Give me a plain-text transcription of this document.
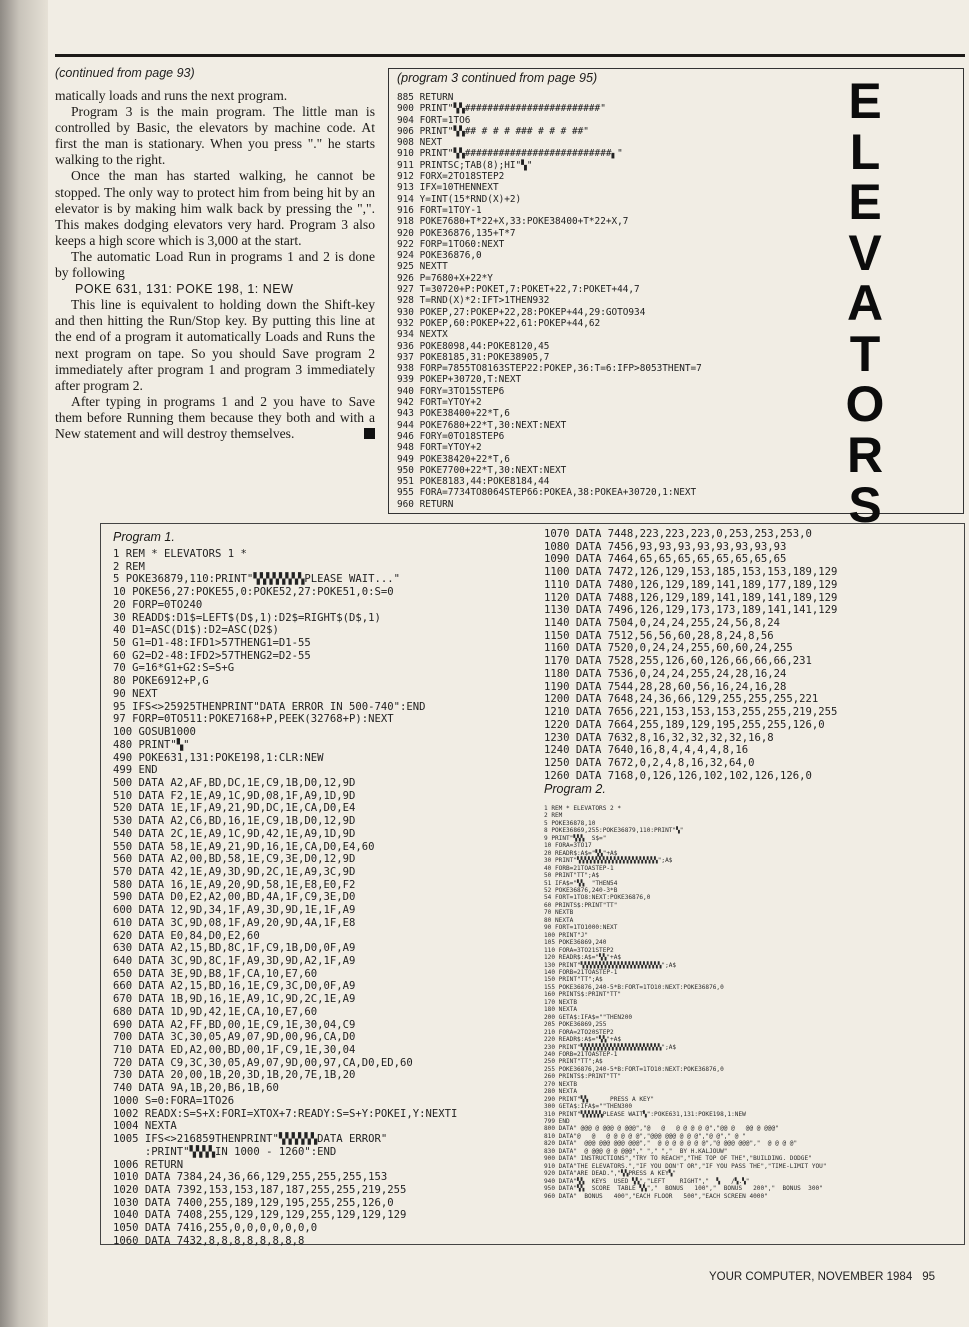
(continued from page 93)

matically loads and runs the next program.

Program 3 is the main program. The little man is controlled by Basic, the elevators by machine code. At first the man is stationary. When you press "." he starts walking to the right.

Once the man has started walking, he cannot be stopped. The only way to protect him from being hit by an elevator is by making him walk back by pressing the ",". This makes dodging elevators very hard. Program 3 also keeps a high score which is 3,000 at the start.

The automatic Load Run in programs 1 and 2 is done by following

POKE 631, 131: POKE 198, 1: NEW

This line is equivalent to holding down the Shift-key and then hitting the Run/Stop key. By putting this line at the end of a program it automatically Loads and Runs the next program on tape. So you should Save program 2 immediately after program 1 and program 3 immediately after program 2.

After typing in programs 1 and 2 you have to Save them before Running them because they both and with a New statement and will destroy themselves.

(program 3 continued from page 95)
885 RETURN
900 PRINT"▚▚########################"
904 FORT=1TO6
906 PRINT"▚▚## # # # ### # # # ##"
908 NEXT
910 PRINT"▚▚##########################▖"
911 PRINTSC;TAB(8);HI"▚"
912 FORX=2TO18STEP2
913 IFX=10THENNEXT
914 Y=INT(15*RND(X)+2)
916 FORT=1TOY-1
918 POKE7680+T*22+X,33:POKE38400+T*22+X,7
920 POKE36876,135+T*7
922 FORP=1TO60:NEXT
924 POKE36876,0
925 NEXTT
926 P=7680+X+22*Y
927 T=30720+P:POKET,7:POKET+22,7:POKET+44,7
928 T=RND(X)*2:IFT>1THEN932
930 POKEP,27:POKEP+22,28:POKEP+44,29:GOTO934
932 POKEP,60:POKEP+22,61:POKEP+44,62
934 NEXTX
936 POKE8098,44:POKE8120,45
937 POKE8185,31:POKE38905,7
938 FORP=7855TO8163STEP22:POKEP,36:T=6:IFP>8053THENT=7
939 POKEP+30720,T:NEXT
940 FORY=3TO15STEP6
942 FORT=YTOY+2
943 POKE38400+22*T,6
944 POKE7680+22*T,30:NEXT:NEXT
946 FORY=0TO18STEP6
948 FORT=YTOY+2
949 POKE38420+22*T,6
950 POKE7700+22*T,30:NEXT:NEXT
951 POKE8183,44:POKE8184,44
955 FORA=7734TO8064STEP66:POKEA,38:POKEA+30720,1:NEXT
960 RETURN
E
L
E
V
A
T
O
R
S
Program 1.
1 REM * ELEVATORS 1 *
2 REM
5 POKE36879,110:PRINT"▚▚▚▚▚▚▚▚PLEASE WAIT..."
10 POKE56,27:POKE55,0:POKE52,27:POKE51,0:S=0
20 FORP=0TO240
30 READD$:D1$=LEFT$(D$,1):D2$=RIGHT$(D$,1)
40 D1=ASC(D1$):D2=ASC(D2$)
50 G1=D1-48:IFD1>57THENG1=D1-55
60 G2=D2-48:IFD2>57THENG2=D2-55
70 G=16*G1+G2:S=S+G
80 POKE6912+P,G
90 NEXT
95 IFS<>25925THENPRINT"DATA ERROR IN 500-740":END
97 FORP=0TO511:POKE7168+P,PEEK(32768+P):NEXT
100 GOSUB1000
480 PRINT"▚"
490 POKE631,131:POKE198,1:CLR:NEW
499 END
500 DATA A2,AF,BD,DC,1E,C9,1B,D0,12,9D
510 DATA F2,1E,A9,1C,9D,08,1F,A9,1D,9D
520 DATA 1E,1F,A9,21,9D,DC,1E,CA,D0,E4
530 DATA A2,C6,BD,16,1E,C9,1B,D0,12,9D
540 DATA 2C,1E,A9,1C,9D,42,1E,A9,1D,9D
550 DATA 58,1E,A9,21,9D,16,1E,CA,D0,E4,60
560 DATA A2,00,BD,58,1E,C9,3E,D0,12,9D
570 DATA 42,1E,A9,3D,9D,2C,1E,A9,3C,9D
580 DATA 16,1E,A9,20,9D,58,1E,E8,E0,F2
590 DATA D0,E2,A2,00,BD,4A,1F,C9,3E,D0
600 DATA 12,9D,34,1F,A9,3D,9D,1E,1F,A9
610 DATA 3C,9D,08,1F,A9,20,9D,4A,1F,E8
620 DATA E0,84,D0,E2,60
630 DATA A2,15,BD,8C,1F,C9,1B,D0,0F,A9
640 DATA 3C,9D,8C,1F,A9,3D,9D,A2,1F,A9
650 DATA 3E,9D,B8,1F,CA,10,E7,60
660 DATA A2,15,BD,16,1E,C9,3C,D0,0F,A9
670 DATA 1B,9D,16,1E,A9,1C,9D,2C,1E,A9
680 DATA 1D,9D,42,1E,CA,10,E7,60
690 DATA A2,FF,BD,00,1E,C9,1E,30,04,C9
700 DATA 3C,30,05,A9,07,9D,00,96,CA,D0
710 DATA ED,A2,00,BD,00,1F,C9,1E,30,04
720 DATA C9,3C,30,05,A9,07,9D,00,97,CA,D0,ED,60
730 DATA 20,00,1B,20,3D,1B,20,7E,1B,20
740 DATA 9A,1B,20,B6,1B,60
1000 S=0:FORA=1TO26
1002 READX:S=S+X:FORI=XTOX+7:READY:S=S+Y:POKEI,Y:NEXTI
1004 NEXTA
1005 IFS<>216859THENPRINT"▚▚▚▚▚▚DATA ERROR"
:PRINT"▚▚▚▚IN 1000 - 1260":END
1006 RETURN
1010 DATA 7384,24,36,66,129,255,255,255,153
1020 DATA 7392,153,153,187,187,255,255,219,255
1030 DATA 7400,255,189,129,195,255,255,126,0
1040 DATA 7408,255,129,129,129,255,129,129,129
1050 DATA 7416,255,0,0,0,0,0,0,0
1060 DATA 7432,8,8,8,8,8,8,8,8
1070 DATA 7448,223,223,223,0,253,253,253,0
1080 DATA 7456,93,93,93,93,93,93,93,93
1090 DATA 7464,65,65,65,65,65,65,65,65
1100 DATA 7472,126,129,153,185,153,153,189,129
1110 DATA 7480,126,129,189,141,189,177,189,129
1120 DATA 7488,126,129,189,141,189,141,189,129
1130 DATA 7496,126,129,173,173,189,141,141,129
1140 DATA 7504,0,24,24,255,24,56,8,24
1150 DATA 7512,56,56,60,28,8,24,8,56
1160 DATA 7520,0,24,24,255,60,60,24,255
1170 DATA 7528,255,126,60,126,66,66,66,231
1180 DATA 7536,0,24,24,255,24,28,16,24
1190 DATA 7544,28,28,60,56,16,24,16,28
1200 DATA 7648,24,36,66,129,255,255,255,221
1210 DATA 7656,221,153,153,153,255,255,219,255
1220 DATA 7664,255,189,129,195,255,255,126,0
1230 DATA 7632,8,16,32,32,32,32,16,8
1240 DATA 7640,16,8,4,4,4,4,8,16
1250 DATA 7672,0,2,4,8,16,32,64,0
1260 DATA 7168,0,126,126,102,102,126,126,0
Program 2.
1 REM * ELEVATORS 2 *
2 REM
5 POKE36878,10
8 POKE36869,255:POKE36879,110:PRINT"▚"
9 PRINT"▚▚▚  S$="
10 FORA=3TO17
20 READR$:A$="▚▚"+A$
30 PRINT"▚▚▚▚▚▚▚▚▚▚▚▚▚▚▚▚▚▚▚▚▚▚";A$
40 FORB=21TOASTEP-1
50 PRINT"TT";A$
51 IFA$="▚▚  "THEN54
52 POKE36876,240-3*B
54 FORT=1TO8:NEXT:POKE36876,0
60 PRINTS$:PRINT"TT"
70 NEXTB
80 NEXTA
90 FORT=1TO1000:NEXT
100 PRINT"J"
105 POKE36869,240
110 FORA=3TO21STEP2
120 READR$:A$="▚▚"+A$
130 PRINT"▚▚▚▚▚▚▚▚▚▚▚▚▚▚▚▚▚▚▚▚▚▚";A$
140 FORB=21TOASTEP-1
150 PRINT"TT";A$
155 POKE36876,240-5*B:FORT=1TO10:NEXT:POKE36876,0
160 PRINTS$:PRINT"TT"
170 NEXTB
180 NEXTA
200 GETA$:IFA$=""THEN200
205 POKE36869,255
210 FORA=2TO20STEP2
220 READR$:A$="▚▚"+A$
230 PRINT"▚▚▚▚▚▚▚▚▚▚▚▚▚▚▚▚▚▚▚▚▚▚";A$
240 FORB=21TOASTEP-1
250 PRINT"TT";A$
255 POKE36876,240-5*B:FORT=1TO10:NEXT:POKE36876,0
260 PRINTS$:PRINT"TT"
270 NEXTB
280 NEXTA
290 PRINT"▚▚      PRESS A KEY"
300 GETA$:IFA$=""THEN300
310 PRINT"▚▚▚▚▚▚PLEASE WAIT▚":POKE631,131:POKE198,1:NEW
799 END
800 DATA" @@@ @ @@@ @ @@@","@   @   @ @ @ @ @","@@ @   @@ @ @@@"
810 DATA"@   @   @ @ @ @ @","@@@ @@@ @ @ @","@ @"," @ "
820 DATA"  @@@ @@@ @@@ @@@","  @ @ @ @ @ @ @","@ @@@ @@@","  @ @ @ @"
830 DATA"  @ @@@ @ @ @@@"," "," ","  BY H.KALJOUW"
900 DATA" INSTRUCTIONS","TRY TO REACH","THE TOP OF THE","BUILDING. DODGE"
910 DATA"THE ELEVATORS.","IF YOU DON'T OR","IF YOU PASS THE","TIME-LIMIT YOU"
920 DATA"ARE DEAD.","▚▚PRESS A KEY▚"
940 DATA"▚▚  KEYS  USED ▚▚","LEFT    RIGHT","  ▚   /▚.▚"
950 DATA"▚▚  SCORE  TABLE ▚▚","  BONUS   100","  BONUS   200","  BONUS  300"
960 DATA"  BONUS   400","EACH FLOOR   500","EACH SCREEN 4000"
YOUR COMPUTER, NOVEMBER 1984 95
